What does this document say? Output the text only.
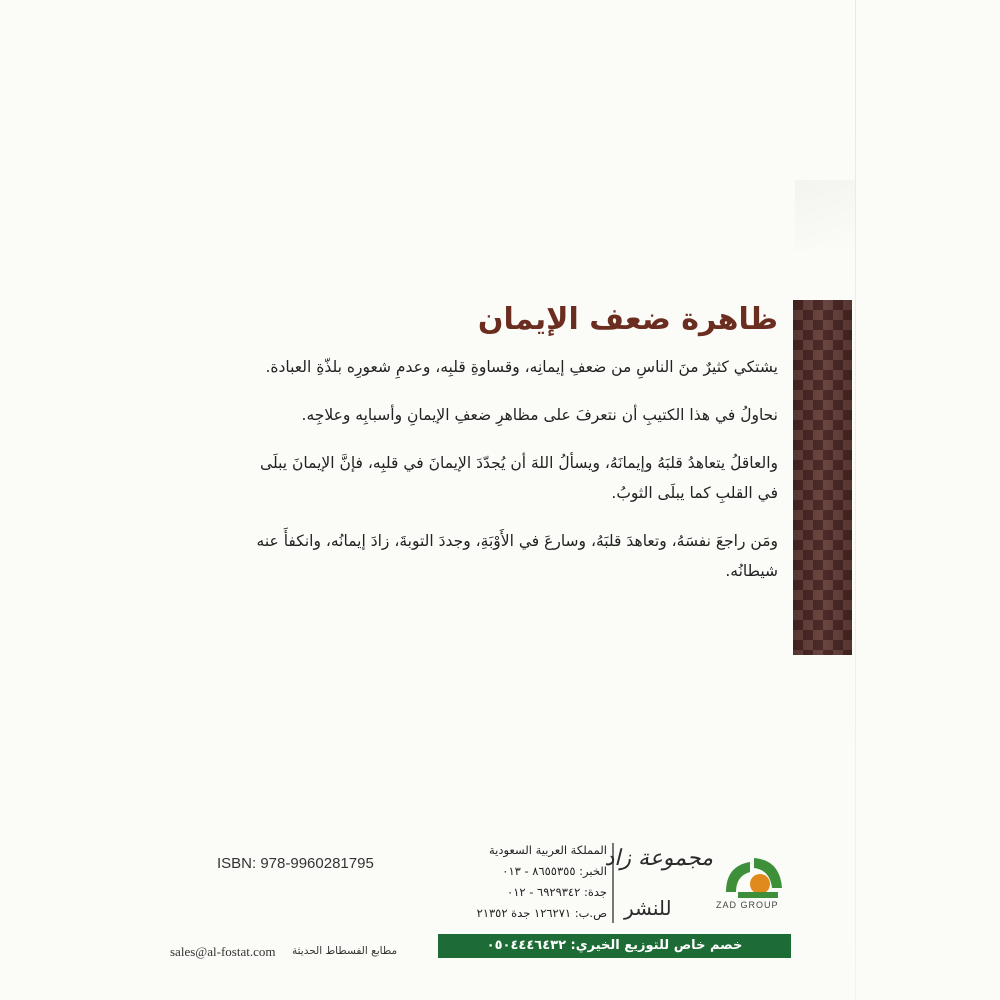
ظاهرة ضعف الإيمان

يشتكي كثيرٌ منَ الناسِ من ضعفِ إيمانِه، وقساوةِ قلبِه، وعدمِ شعورِه بلذّةِ العبادة.

نحاولُ في هذا الكتيبِ أن نتعرفَ على مظاهرِ ضعفِ الإيمانِ وأسبابِه وعلاجِه.

والعاقلُ يتعاهدُ قلبَهُ وإيمانَهُ، ويسألُ اللهَ أن يُجدّدَ الإيمانَ في قلبِه، فإنَّ الإيمانَ يبلَى في القلبِ كما يبلَى الثوبُ.

ومَن راجعَ نفسَهُ، وتعاهدَ قلبَهُ، وسارعَ في الأَوْبَةِ، وجددَ التوبةَ، زادَ إيمانُه، وانكفأَ عنه شيطانُه.

ISBN: 978-9960281795
المملكة العربية السعودية
الخبر: ٨٦٥٥٣٥٥ - ٠١٣
جدة: ٦٩٢٩٣٤٢ - ٠١٢
ص.ب: ١٢٦٢٧١ جدة ٢١٣٥٢
مجموعة زاد
ZAD GROUP
للنشر
خصم خاص للتوزيع الخيري: ٠٥٠٤٤٤٦٤٣٢
sales@al-fostat.com مطابع الفسطاط الحديثة
